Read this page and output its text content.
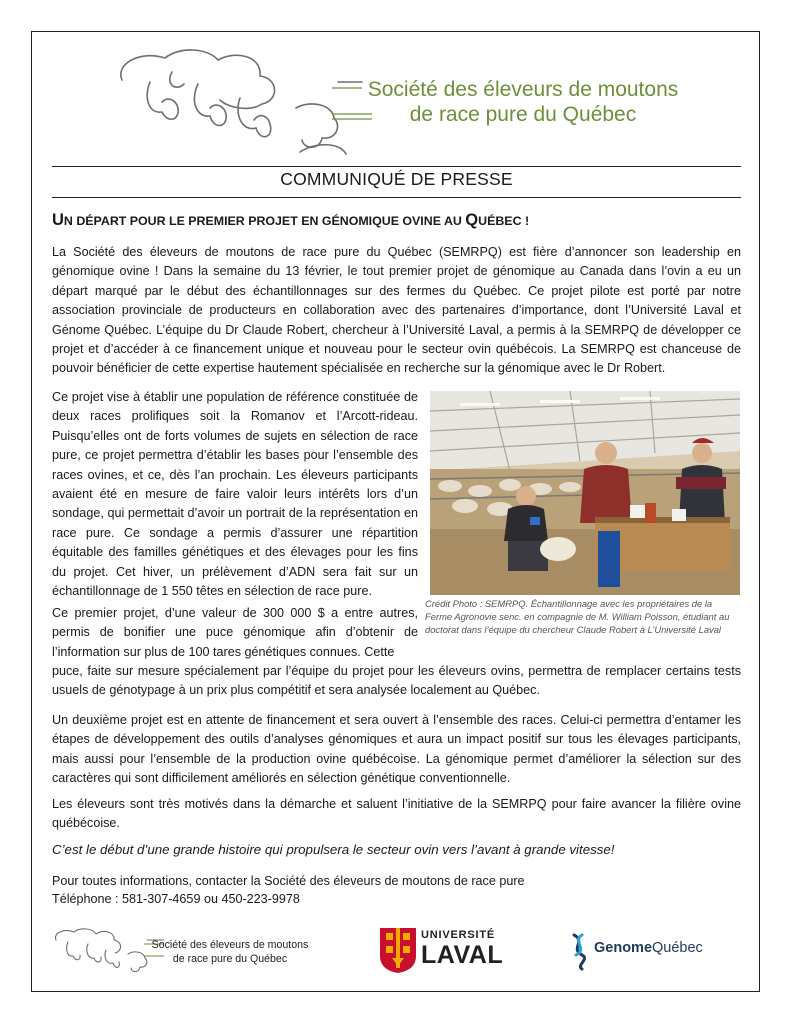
Société des éleveurs de moutons
de race pure du Québec
COMMUNIQUÉ DE PRESSE
UN DÉPART POUR LE PREMIER PROJET EN GÉNOMIQUE OVINE AU QUÉBEC !

La Société des éleveurs de moutons de race pure du Québec (SEMRPQ) est fière d’annoncer son leadership en génomique ovine ! Dans la semaine du 13 février, le tout premier projet de génomique au Canada dans l’ovin a eu un départ marqué par le début des échantillonnages sur des fermes du Québec. Ce projet pilote est porté par notre association provinciale de producteurs en collaboration avec des partenaires d’importance, dont l’Université Laval et Génome Québec. L’équipe du Dr Claude Robert, chercheur à l’Université Laval, a permis à la SEMRPQ de développer ce projet et d’accéder à ce financement unique et nouveau pour le secteur ovin québécois. La SEMRPQ est chanceuse de pouvoir bénéficier de cette expertise hautement spécialisée en recherche sur la génomique avec le Dr Robert.

Ce projet vise à établir une population de référence constituée de deux races prolifiques soit la Romanov et l’Arcott-rideau. Puisqu’elles ont de forts volumes de sujets en sélection de race pure, ce projet permettra d’établir les bases pour l’ensemble des races ovines, et ce, dès l’an prochain. Les éleveurs participants avaient été en mesure de faire valoir leurs intérêts lors d’un sondage, qui permettait d’avoir un portrait de la représentation en race pure. Ce sondage a permis d’assurer une répartition équitable des familles génétiques et des élevages pour les fins du projet. Cet hiver, un prélèvement d’ADN sera fait sur un échantillonnage de 1 550 têtes en sélection de race pure.

Crédit Photo : SEMRPQ. Échantillonnage avec les propriétaires de la Ferme Agronovie senc. en compagnie de M. William Poisson, étudiant au doctorat dans l’équipe du chercheur Claude Robert à L’Université Laval

Ce premier projet, d’une valeur de 300 000 $ a entre autres, permis de bonifier une puce génomique afin d’obtenir de l’information sur plus de 100 tares génétiques connues. Cette

puce, faite sur mesure spécialement par l’équipe du projet pour les éleveurs ovins, permettra de remplacer certains tests usuels de génotypage à un prix plus compétitif et sera analysée localement au Québec.

Un deuxième projet est en attente de financement et sera ouvert à l’ensemble des races. Celui-ci permettra d’entamer les étapes de développement des outils d’analyses génomiques et aura un impact positif sur tous les élevages participants, mais aussi pour l’ensemble de la production ovine québécoise. La génomique permet d’améliorer la sélection sur des caractères qui sont difficilement améliorés en sélection génétique conventionnelle.

Les éleveurs sont très motivés dans la démarche et saluent l’initiative de la SEMRPQ pour faire avancer la filière ovine québécoise.

C’est le début d’une grande histoire qui propulsera le secteur ovin vers l’avant à grande vitesse!

Pour toutes informations, contacter la Société des éleveurs de moutons de race pure
Téléphone : 581-307-4659 ou 450-223-9978
Société des éleveurs de moutons
de race pure du Québec
UNIVERSITÉ
LAVAL	GenomeQuébec
